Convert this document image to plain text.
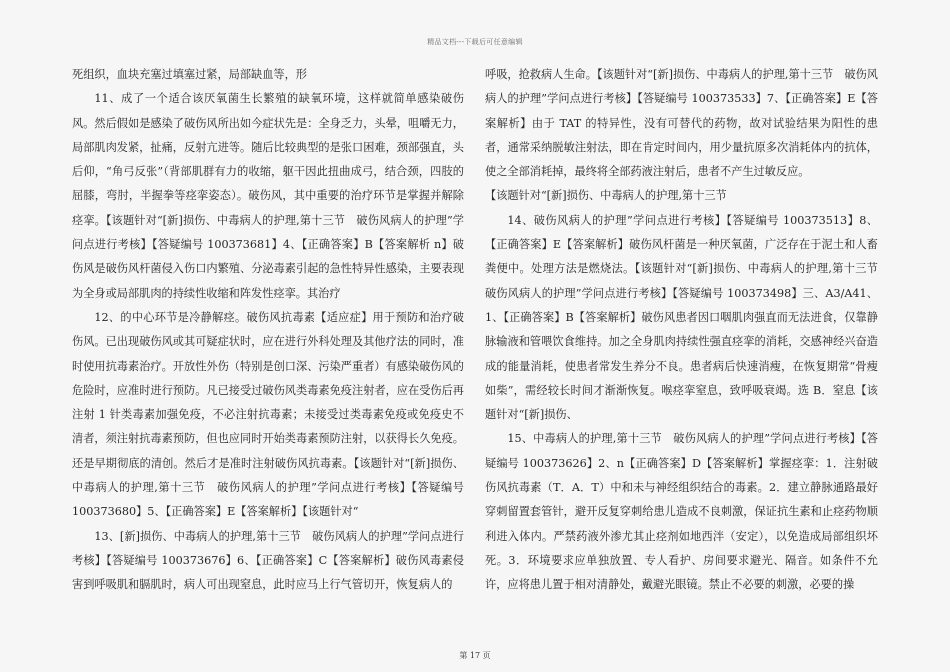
精品文档---下载后可任意编辑

死组织，血块充塞过填塞过紧，局部缺血等，形

11、成了一个适合该厌氧菌生长繁殖的缺氧环境，这样就简单感染破伤风。然后假如是感染了破伤风所出如今症状先是：全身乏力，头晕，咀嚼无力，局部肌肉发紧，扯痛，反射亢进等。随后比较典型的是张口困难，颈部强直，头后仰，“角弓反张”（背部肌群有力的收缩，躯干因此扭曲成弓，结合颈，四肢的屈膝，弯肘，半握拳等痉挛姿态）。破伤风，其中重要的治疗环节是掌握并解除痉挛。【该题针对“[新]损伤、中毒病人的护理,第十三节　破伤风病人的护理”学问点进行考核】【答疑编号 100373681】4、【正确答案】B【答案解析 n】破伤风是破伤风杆菌侵入伤口内繁殖、分泌毒素引起的急性特异性感染，主要表现为全身或局部肌肉的持续性收缩和阵发性痉挛。其治疗

12、的中心环节是冷静解痉。破伤风抗毒素【适应症】用于预防和治疗破伤风。已出现破伤风或其可疑症状时，应在进行外科处理及其他疗法的同时，准时使用抗毒素治疗。开放性外伤（特别是创口深、污染严重者）有感染破伤风的危险时，应准时进行预防。凡已接受过破伤风类毒素免疫注射者，应在受伤后再注射 1 针类毒素加强免疫，不必注射抗毒素；未接受过类毒素免疫或免疫史不清者，须注射抗毒素预防，但也应同时开始类毒素预防注射，以获得长久免疫。还是早期彻底的清创。然后才是准时注射破伤风抗毒素。【该题针对“[新]损伤、中毒病人的护理,第十三节　破伤风病人的护理”学问点进行考核】【答疑编号 100373680】5、【正确答案】E【答案解析】【该题针对“

13、[新]损伤、中毒病人的护理,第十三节　破伤风病人的护理”学问点进行考核】【答疑编号 100373676】6、【正确答案】C【答案解析】破伤风毒素侵害到呼吸肌和膈肌时，病人可出现窒息，此时应马上行气管切开，恢复病人的

呼吸，抢救病人生命。【该题针对“[新]损伤、中毒病人的护理,第十三节　破伤风病人的护理”学问点进行考核】【答疑编号 100373533】7、【正确答案】E【答案解析】由于 TAT 的特异性，没有可替代的药物，故对试验结果为阳性的患者，通常采纳脱敏注射法，即在肯定时间内，用少量抗原多次消耗体内的抗体，使之全部消耗掉，最终将全部药液注射后，患者不产生过敏反应。

【该题针对“[新]损伤、中毒病人的护理,第十三节

14、破伤风病人的护理”学问点进行考核】【答疑编号 100373513】8、【正确答案】E【答案解析】破伤风杆菌是一种厌氧菌，广泛存在于泥土和人畜粪便中。处理方法是燃烧法。【该题针对“[新]损伤、中毒病人的护理,第十三节　破伤风病人的护理”学问点进行考核】【答疑编号 100373498】三、A3/A41、1、【正确答案】B【答案解析】破伤风患者因口咽肌肉强直而无法进食，仅靠静脉输液和管喂饮食维持。加之全身肌肉持续性强直痉挛的消耗，交感神经兴奋造成的能量消耗，使患者常发生养分不良。患者病后快速消瘦，在恢复期常“骨瘦如柴”，需经较长时间才渐渐恢复。喉痉挛窒息，致呼吸衰竭。选 B．窒息【该题针对“[新]损伤、

15、中毒病人的护理,第十三节　破伤风病人的护理”学问点进行考核】【答疑编号 100373626】2、n【正确答案】D【答案解析】掌握痉挛：1．注射破伤风抗毒素（T．A．T）中和未与神经组织结合的毒素。2．建立静脉通路最好穿刺留置套管针，避开反复穿刺给患儿造成不良刺激，保证抗生素和止痉药物顺利进入体内。严禁药液外渗尤其止痉剂如地西泮（安定），以免造成局部组织坏死。3．环境要求应单独放置、专人看护、房间要求避光、隔音。如条件不允许，应将患儿置于相对清静处，戴避光眼镜。禁止不必要的刺激，必要的操

第 17 页
